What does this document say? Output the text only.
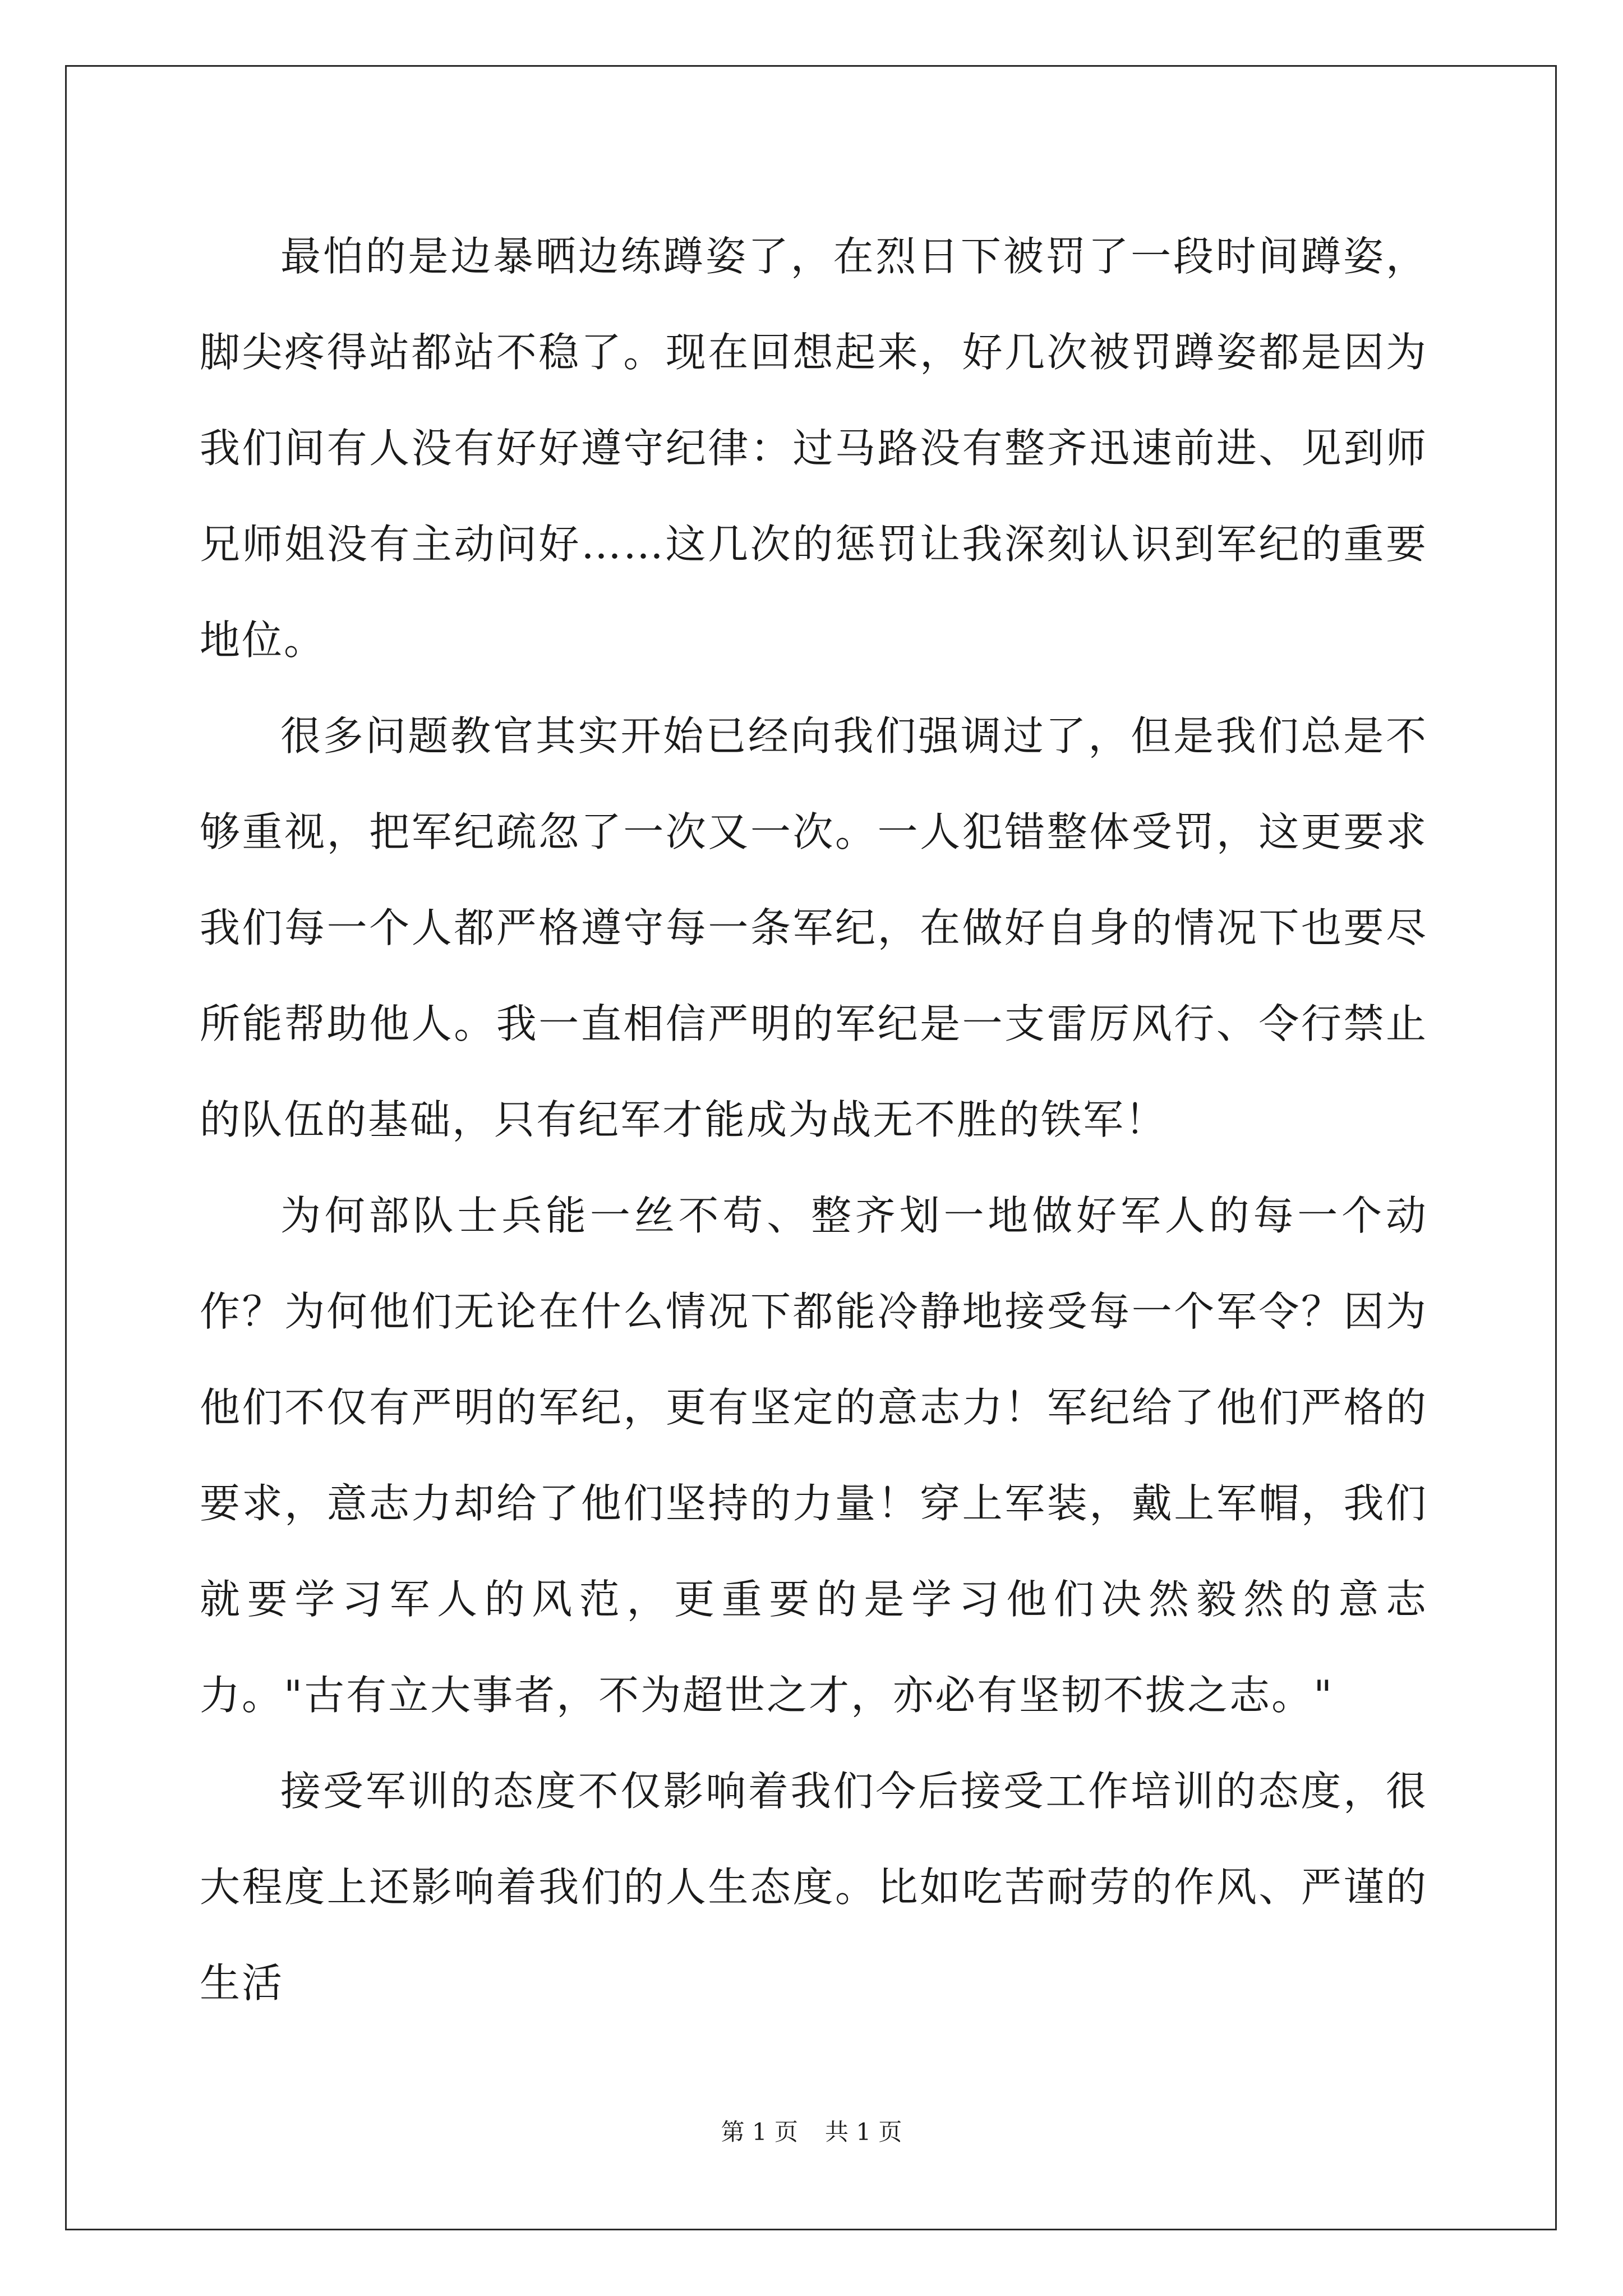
最怕的是边暴晒边练蹲姿了，在烈日下被罚了一段时间蹲姿，脚尖疼得站都站不稳了。现在回想起来，好几次被罚蹲姿都是因为我们间有人没有好好遵守纪律：过马路没有整齐迅速前进、见到师兄师姐没有主动问好……这几次的惩罚让我深刻认识到军纪的重要地位。

很多问题教官其实开始已经向我们强调过了，但是我们总是不够重视，把军纪疏忽了一次又一次。一人犯错整体受罚，这更要求我们每一个人都严格遵守每一条军纪，在做好自身的情况下也要尽所能帮助他人。我一直相信严明的军纪是一支雷厉风行、令行禁止的队伍的基础，只有纪军才能成为战无不胜的铁军！

为何部队士兵能一丝不苟、整齐划一地做好军人的每一个动作？为何他们无论在什么情况下都能冷静地接受每一个军令？因为他们不仅有严明的军纪，更有坚定的意志力！军纪给了他们严格的要求，意志力却给了他们坚持的力量！穿上军装，戴上军帽，我们就要学习军人的风范，更重要的是学习他们决然毅然的意志力。"古有立大事者，不为超世之才，亦必有坚韧不拔之志。"

接受军训的态度不仅影响着我们今后接受工作培训的态度，很大程度上还影响着我们的人生态度。比如吃苦耐劳的作风、严谨的生活

第 1 页 共 1 页
